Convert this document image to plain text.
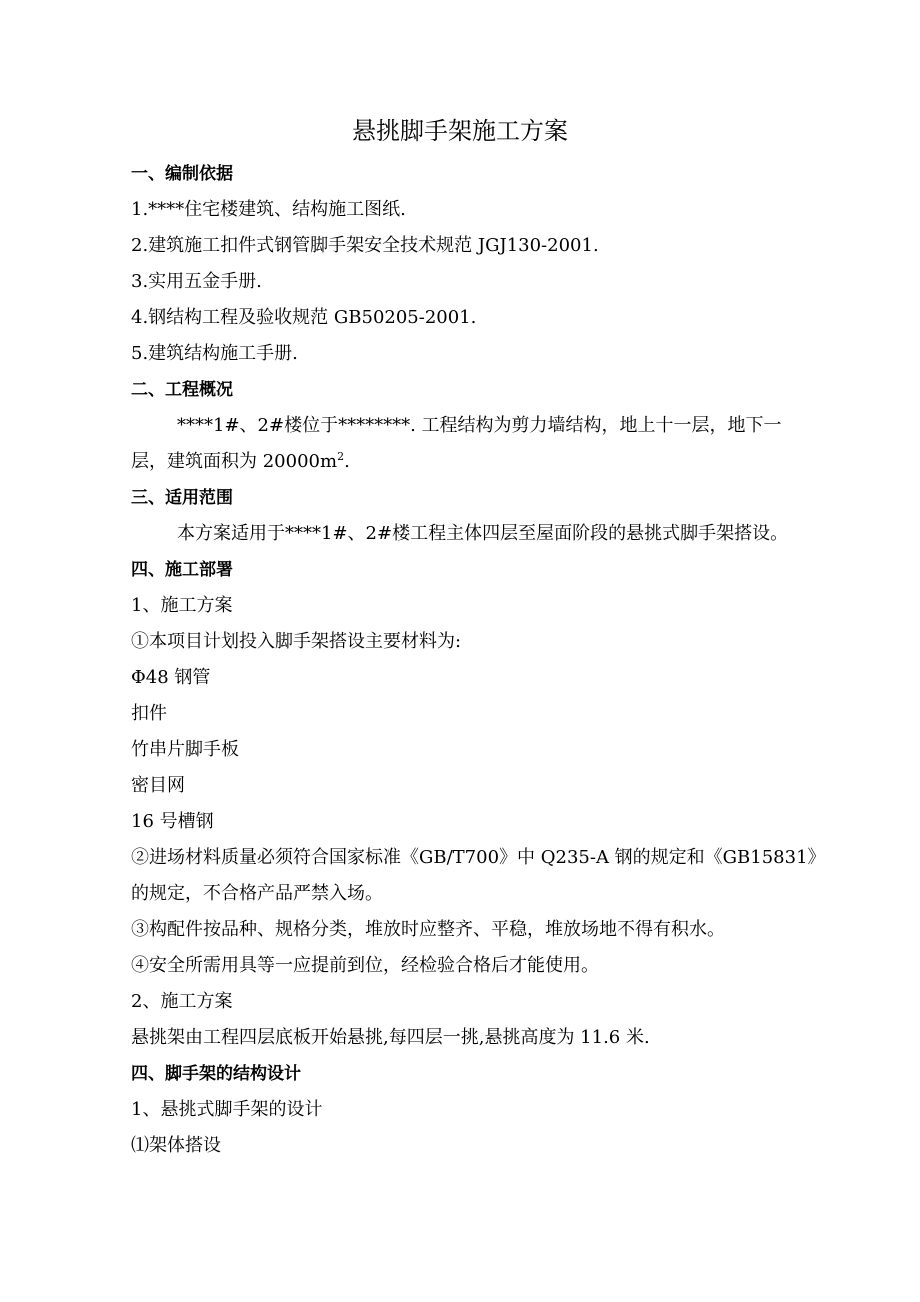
悬挑脚手架施工方案
一、编制依据
1.****住宅楼建筑、结构施工图纸.
2.建筑施工扣件式钢管脚手架安全技术规范 JGJ130-2001.
3.实用五金手册.
4.钢结构工程及验收规范 GB50205-2001.
5.建筑结构施工手册.
二、工程概况
****1#、2#楼位于********. 工程结构为剪力墙结构，地上十一层，地下一
层，建筑面积为 $20000m^2$.
三、适用范围
本方案适用于****1#、2#楼工程主体四层至屋面阶段的悬挑式脚手架搭设。
四、施工部署
1、施工方案
①本项目计划投入脚手架搭设主要材料为:
Φ48 钢管
扣件
竹串片脚手板
密目网
16 号槽钢
②进场材料质量必须符合国家标准《GB/T700》中 Q235-A 钢的规定和《GB15831》
的规定，不合格产品严禁入场。
③构配件按品种、规格分类，堆放时应整齐、平稳，堆放场地不得有积水。
④安全所需用具等一应提前到位，经检验合格后才能使用。
2、施工方案
悬挑架由工程四层底板开始悬挑,每四层一挑,悬挑高度为 11.6 米.
四、脚手架的结构设计
1、悬挑式脚手架的设计
⑴架体搭设
